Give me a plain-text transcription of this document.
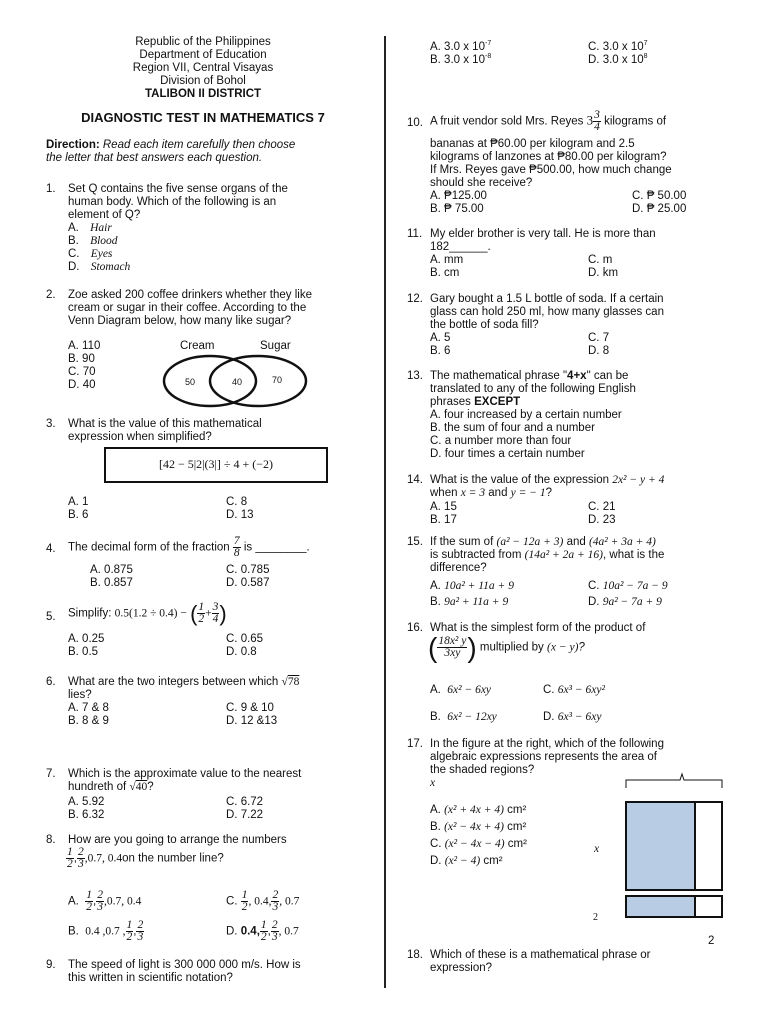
Republic of the Philippines
Department of Education
Region VII, Central Visayas
Division of Bohol
TALIBON II DISTRICT
DIAGNOSTIC TEST IN MATHEMATICS 7
Direction: Read each item carefully then choose
the letter that best answers each question.
1.	Set Q contains the five sense organs of the
human body. Which of the following is an
element of Q?
A. Hair
B. Blood
C. Eyes
D. Stomach
2.	Zoe asked 200 coffee drinkers whether they like
cream or sugar in their coffee. According to the
Venn Diagram below, how many like sugar?
A. 110
B. 90
C. 70
D. 40
Cream	Sugar
50	40	70
3.	What is the value of this mathematical
expression when simplified?
[42 − 5|2|(3|] ÷ 4 + (−2)
A. 1
B. 6
C. 8
D. 13
4.	The decimal form of the fraction $\frac{7}{8}$ is ________.
A. 0.875
B. 0.857
C. 0.785
D. 0.587
5.	Simplify: 0.5(1.2 ÷ 0.4) − ( $\frac{1}{2} + \frac{3}{4}$ )
A. 0.25
B. 0.5
C. 0.65
D. 0.8
6.	What are the two integers between which √78
lies?
A. 7 & 8
B. 8 & 9
C. 9 & 10
D. 12 &13
7.	Which is the approximate value to the nearest
hundreth of √40?
A. 5.92
B. 6.32
C. 6.72
D. 7.22
8.	How are you going to arrange the numbers
$\frac{1}{2}$ , $\frac{2}{3} ,0.7$, 0.4on the number line?
A. $\frac{1}{2}$ , $\frac{2}{3} ,0.7$, 0.4
B. 0.4 ,0.7 , $\frac{1}{2}$ , $\frac{2}{3}$
C. $\frac{1}{2}$ , 0.4, $\frac{2}{3}$ , 0.7
D. 0.4, $\frac{1}{2}$ , $\frac{2}{3}$ , 0.7
9.	The speed of light is 300 000 000 m/s. How is
this written in scientific notation?
A. 3.0 x $10^{-7}$
B. 3.0 x $10^{-8}$
C. 3.0 x $10^7$
D. 3.0 x $10^8$
10. A fruit vendor sold Mrs. Reyes $3 \frac{3}{4}$ kilograms of
bananas at ₱60.00 per kilogram and 2.5
kilograms of lanzones at ₱80.00 per kilogram?
If Mrs. Reyes gave ₱500.00, how much change
should she receive?
A. ₱125.00
B. ₱ 75.00
C. ₱ 50.00
D. ₱ 25.00
11. My elder brother is very tall. He is more than
182______.
A. mm
B. cm
C. m
D. km
12. Gary bought a 1.5 L bottle of soda. If a certain
glass can hold 250 ml, how many glasses can
the bottle of soda fill?
A. 5
B. 6
C. 7
D. 8
13. The mathematical phrase "4+x" can be
translated to any of the following English
phrases EXCEPT
A. four increased by a certain number
B. the sum of four and a number
C. a number more than four
D. four times a certain number
14. What is the value of the expression 2x² − y + 4
when x = 3 and y = − 1?
A. 15
B. 17
C. 21
D. 23
15. If the sum of (a² − 12a + 3) and (4a² + 3a + 4)
is subtracted from (14a² + 2a + 16), what is the
difference?
A. 10a² + 11a + 9
B. 9a² + 11a + 9
C. 10a² − 7a − 9
D. 9a² − 7a + 9
16. What is the simplest form of the product of
( $\frac{\text{18x² y}}{3xy}$ ) multiplied by (x − y)?
A. 6x² − 6xy
B. 6x² − 12xy
C. 6x³ − 6xy²
D. 6x³ − 6xy
17. In the figure at the right, which of the following
algebraic expressions represents the area of
the shaded regions?
x
A. (x² + 4x + 4) cm²
B. (x² − 4x + 4) cm²
C. (x² − 4x − 4) cm²
D. (x² − 4) cm²
x
2
2
18. Which of these is a mathematical phrase or
expression?
